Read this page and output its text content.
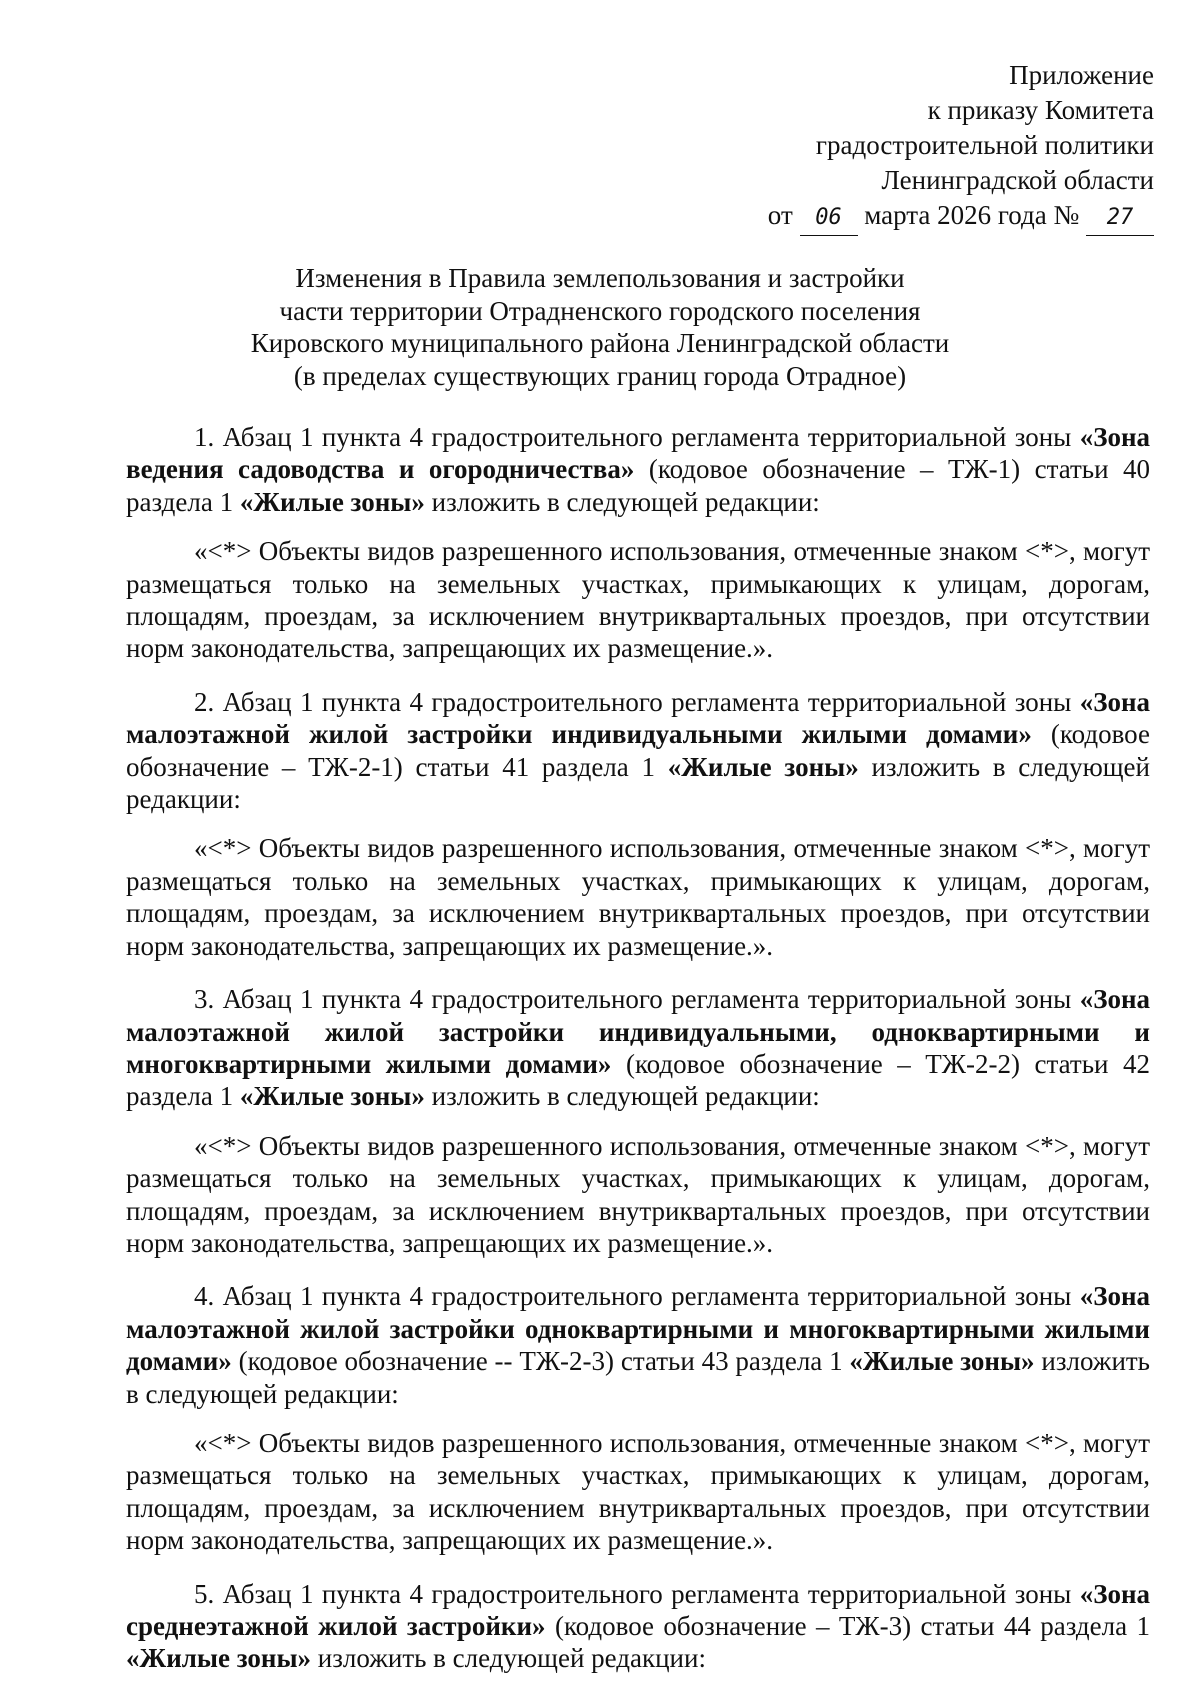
Приложение
к приказу Комитета
градостроительной политики
Ленинградской области
от 06 марта 2026 года № 27
Изменения в Правила землепользования и застройки
части территории Отрадненского городского поселения
Кировского муниципального района Ленинградской области
(в пределах существующих границ города Отрадное)

1. Абзац 1 пункта 4 градостроительного регламента территориальной зоны «Зона ведения садоводства и огородничества» (кодовое обозначение – ТЖ-1) статьи 40 раздела 1 «Жилые зоны» изложить в следующей редакции:

«<*> Объекты видов разрешенного использования, отмеченные знаком <*>, могут размещаться только на земельных участках, примыкающих к улицам, дорогам, площадям, проездам, за исключением внутриквартальных проездов, при отсутствии норм законодательства, запрещающих их размещение.».

2. Абзац 1 пункта 4 градостроительного регламента территориальной зоны «Зона малоэтажной жилой застройки индивидуальными жилыми домами» (кодовое обозначение – ТЖ-2-1) статьи 41 раздела 1 «Жилые зоны» изложить в следующей редакции:

«<*> Объекты видов разрешенного использования, отмеченные знаком <*>, могут размещаться только на земельных участках, примыкающих к улицам, дорогам, площадям, проездам, за исключением внутриквартальных проездов, при отсутствии норм законодательства, запрещающих их размещение.».

3. Абзац 1 пункта 4 градостроительного регламента территориальной зоны «Зона малоэтажной жилой застройки индивидуальными, одноквартирными и многоквартирными жилыми домами» (кодовое обозначение – ТЖ-2-2) статьи 42 раздела 1 «Жилые зоны» изложить в следующей редакции:

«<*> Объекты видов разрешенного использования, отмеченные знаком <*>, могут размещаться только на земельных участках, примыкающих к улицам, дорогам, площадям, проездам, за исключением внутриквартальных проездов, при отсутствии норм законодательства, запрещающих их размещение.».

4. Абзац 1 пункта 4 градостроительного регламента территориальной зоны «Зона малоэтажной жилой застройки одноквартирными и многоквартирными жилыми домами» (кодовое обозначение -- ТЖ-2-3) статьи 43 раздела 1 «Жилые зоны» изложить в следующей редакции:

«<*> Объекты видов разрешенного использования, отмеченные знаком <*>, могут размещаться только на земельных участках, примыкающих к улицам, дорогам, площадям, проездам, за исключением внутриквартальных проездов, при отсутствии норм законодательства, запрещающих их размещение.».

5. Абзац 1 пункта 4 градостроительного регламента территориальной зоны «Зона среднеэтажной жилой застройки» (кодовое обозначение – ТЖ-3) статьи 44 раздела 1 «Жилые зоны» изложить в следующей редакции:
